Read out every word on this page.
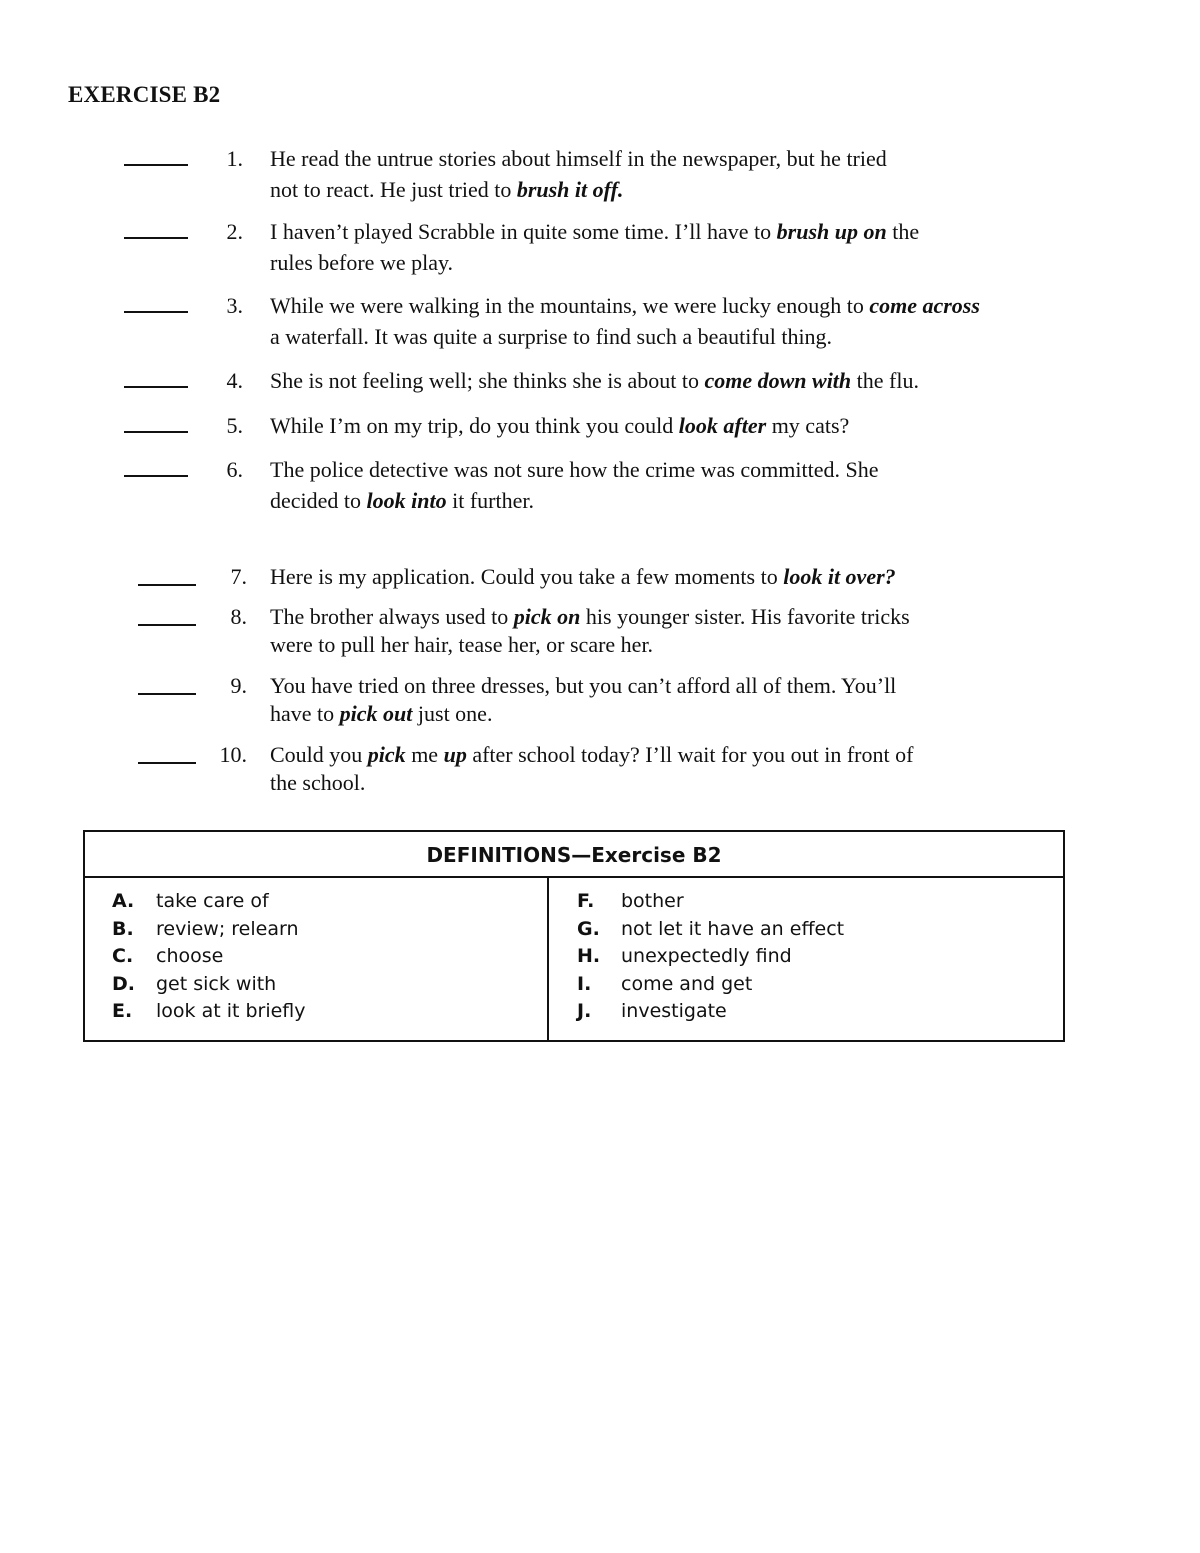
EXERCISE B2
1. He read the untrue stories about himself in the newspaper, but he tried
not to react. He just tried to brush it off.
2. I haven’t played Scrabble in quite some time. I’ll have to brush up on the
rules before we play.
3. While we were walking in the mountains, we were lucky enough to come across
a waterfall. It was quite a surprise to find such a beautiful thing.
4. She is not feeling well; she thinks she is about to come down with the flu.
5. While I’m on my trip, do you think you could look after my cats?
6. The police detective was not sure how the crime was committed. She
decided to look into it further.
7. Here is my application. Could you take a few moments to look it over?
8. The brother always used to pick on his younger sister. His favorite tricks
were to pull her hair, tease her, or scare her.
9. You have tried on three dresses, but you can’t afford all of them. You’ll
have to pick out just one.
10. Could you pick me up after school today? I’ll wait for you out in front of
the school.
DEFINITIONS—Exercise B2
A. take care of
B. review; relearn
C. choose
D. get sick with
E. look at it briefly
F. bother
G. not let it have an effect
H. unexpectedly find
I. come and get
J. investigate
